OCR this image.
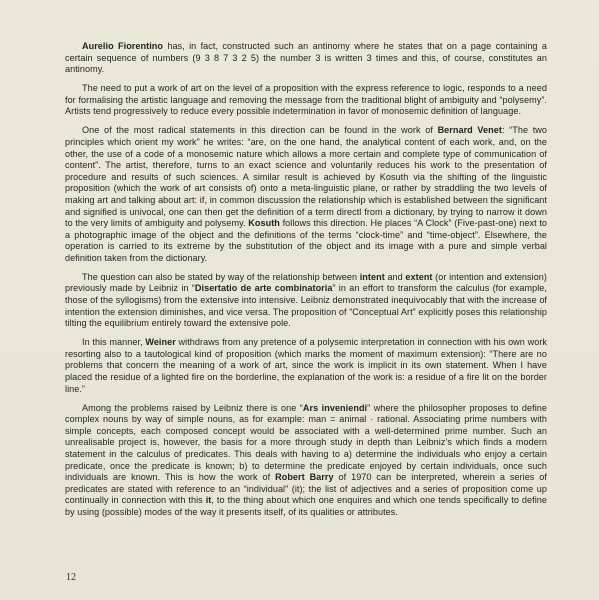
Aurelio Fiorentino has, in fact, constructed such an antinomy where he states that on a page containing a certain sequence of numbers (9 3 8 7 3 2 5) the number 3 is written 3 times and this, of course, constitutes an antinomy.

The need to put a work of art on the level of a proposition with the express reference to logic, responds to a need for formalising the artistic language and removing the message from the traditional blight of ambiguity and “polysemy”. Artists tend progressively to reduce every possible indetermination in favor of monosemic definition of language.

One of the most radical statements in this direction can be found in the work of Bernard Venet: “The two principles which orient my work” he writes: “are, on the one hand, the analytical content of each work, and, on the other, the use of a code of a monosemic nature which allows a more certain and complete type of communication of content”. The artist, therefore, turns to an exact science and voluntarily reduces his work to the presentation of procedure and results of such sciences. A similar result is achieved by Kosuth via the shifting of the linguistic proposition (which the work of art consists of) onto a meta-linguistic plane, or rather by straddling the two levels of making art and talking about art: if, in common discussion the relationship which is established between the significant and signified is univocal, one can then get the definition of a term directl from a dictionary, by trying to narrow it down to the very limits of ambiguity and polysemy. Kosuth follows this direction. He places “A Clock” (Five-past-one) next to a photographic image of the object and the definitions of the terms “clock-time” and “time-object”. Elsewhere, the operation is carried to its extreme by the substitution of the object and its image with a pure and simple verbal definition taken from the dictionary.

The question can also be stated by way of the relationship between intent and extent (or intention and extension) previously made by Leibniz in “Disertatio de arte combinatoria” in an effort to transform the calculus (for example, those of the syllogisms) from the extensive into intensive. Leibniz demonstrated inequivocably that with the increase of intention the extension diminishes, and vice versa. The proposition of “Conceptual Art” explicitly poses this relationship tilting the equilibrium entirely toward the extensive pole.

In this manner, Weiner withdraws from any pretence of a polysemic interpretation in connection with his own work resorting also to a tautological kind of proposition (which marks the moment of maximum extension): “There are no problems that concern the meaning of a work of art, since the work is implicit in its own statement. When I have placed the residue of a lighted fire on the borderline, the explanation of the work is: a residue of a fire lit on the border line.”

Among the problems raised by Leibniz there is one “Ars inveniendi” where the philosopher proposes to define complex nouns by way of simple nouns, as for example: man = animal · rational. Associating prime numbers with simple concepts, each composed concept would be associated with a well-determined prime number. Such an unrealisable project is, however, the basis for a more through study in depth than Leibniz’s which finds a modern statement in the calculus of predicates. This deals with having to a) determine the individuals who enjoy a certain predicate, once the predicate is known; b) to determine the predicate enjoyed by certain individuals, once such individuals are known. This is how the work of Robert Barry of 1970 can be interpreted, wherein a series of predicates are stated with reference to an “individual” (it); the list of adjectives and a series of proposition come up continually in connection with this it, to the thing about which one enquires and which one tends specifically to define by using (possible) modes of the way it presents itself, of its qualities or attributes.

12
